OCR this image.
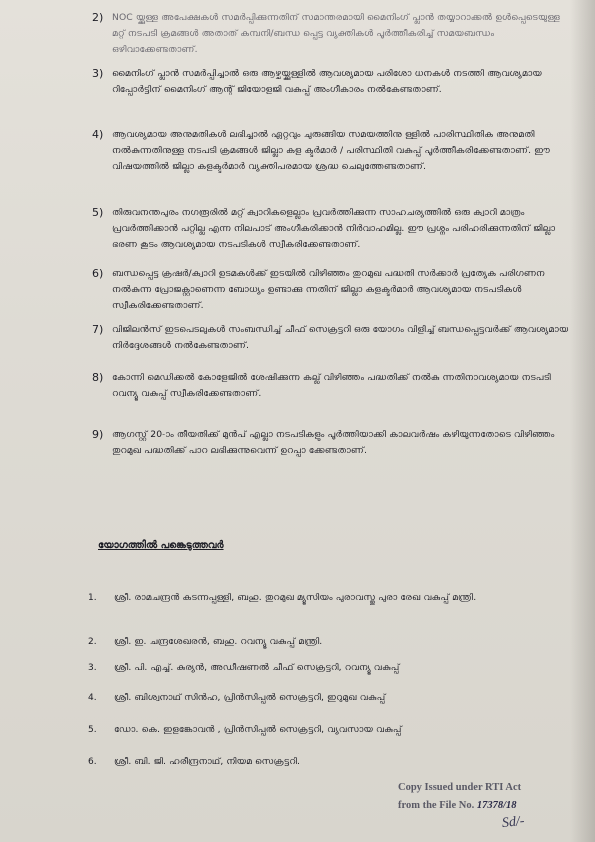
2) NOC യ്ക്കുള്ള അപേക്ഷകൾ സമർപ്പിക്കുന്നതിന് സമാന്തരമായി മൈനിംഗ് പ്ലാൻ തയ്യാറാക്കൽ ഉൾപ്പെടെയുള്ള മറ്റ് നടപടി ക്രമങ്ങൾ അതാത് കമ്പനി/ബന്ധ പ്പെട്ട വ്യക്തികൾ പൂർത്തീകരിച്ച് സമയബന്ധം ഒഴിവാക്കേണ്ടതാണ്.
3) മൈനിംഗ് പ്ലാൻ സമർപ്പിച്ചാൽ ഒരു ആഴ്ചയ്ക്കുള്ളിൽ ആവശ്യമായ പരിശോ ധനകൾ നടത്തി ആവശ്യമായ റിപ്പോർട്ടിന് മൈനിംഗ് ആന്റ് ജിയോളജി വകുപ്പ് അംഗീകാരം നൽകേണ്ടതാണ്.
4) ആവശ്യമായ അനുമതികൾ ലഭിച്ചാൽ ഏറ്റവും ചുരുങ്ങിയ സമയത്തിനു ള്ളിൽ പാരിസ്ഥിതിക അനുമതി നൽകുന്നതിനുള്ള നടപടി ക്രമങ്ങൾ ജില്ലാ കള ക്ടർമാർ / പരിസ്ഥിതി വകുപ്പ് പൂർത്തീകരിക്കേണ്ടതാണ്. ഈ വിഷയത്തിൽ ജില്ലാ കളക്ടർമാർ വ്യക്തിപരമായ ശ്രദ്ധ ചെലുത്തേണ്ടതാണ്.
5) തിരുവനന്തപുരം നഗരൂരിൽ മറ്റ് ക്വാറികളെല്ലാം പ്രവർത്തിക്കുന്ന സാഹചര്യത്തിൽ ഒരു ക്വാറി മാത്രം പ്രവർത്തിക്കാൻ പറ്റില്ല എന്ന നിലപാട് അംഗീകരിക്കാൻ നിർവാഹമില്ല. ഈ പ്രശ്നം പരിഹരിക്കുന്നതിന് ജില്ലാ ഭരണ കൂടം ആവശ്യമായ നടപടികൾ സ്വീകരിക്കേണ്ടതാണ്.
6) ബന്ധപ്പെട്ട ക്രഷർ/ക്വാറി ഉടമകൾക്ക് ഇടയിൽ വിഴിഞ്ഞം തുറമുഖ പദ്ധതി സർക്കാർ പ്രത്യേക പരിഗണന നൽകുന്ന പ്രോജക്റ്റാണെന്ന ബോധ്യം ഉണ്ടാക്കു ന്നതിന് ജില്ലാ കളക്ടർമാർ ആവശ്യമായ നടപടികൾ സ്വീകരിക്കേണ്ടതാണ്.
7) വിജിലൻസ് ഇടപെടലുകൾ സംബന്ധിച്ച് ചീഫ് സെക്രട്ടറി ഒരു യോഗം വിളിച്ച് ബന്ധപ്പെട്ടവർക്ക് ആവശ്യമായ നിർദ്ദേശങ്ങൾ നൽകേണ്ടതാണ്.
8) കോന്നി മെഡിക്കൽ കോളേജിൽ ശേഷിക്കുന്ന കല്ല് വിഴിഞ്ഞം പദ്ധതിക്ക് നൽകു ന്നതിനാവശ്യമായ നടപടി റവന്യൂ വകുപ്പ് സ്വീകരിക്കേണ്ടതാണ്.
9) ആഗസ്റ്റ് 20-ാം തീയതിക്ക് മുൻപ് എല്ലാ നടപടികളും പൂർത്തിയാക്കി കാലവർഷം കഴിയുന്നതോടെ വിഴിഞ്ഞം തുറമുഖ പദ്ധതിക്ക് പാറ ലഭിക്കുന്നുവെന്ന് ഉറപ്പാ ക്കേണ്ടതാണ്.
യോഗത്തിൽ പങ്കെടുത്തവർ
1.	ശ്രീ. രാമചന്ദ്രൻ കടന്നപ്പള്ളി, ബഹു. തുറമുഖ മ്യൂസിയം പുരാവസ്തു പുരാ രേഖ വകുപ്പ് മന്ത്രി.
2.	ശ്രീ. ഇ. ചന്ദ്രശേഖരൻ, ബഹു. റവന്യൂ വകുപ്പ് മന്ത്രി.
3.	ശ്രീ. പി. എച്ച്. കുര്യൻ, അഡീഷണൽ ചീഫ് സെക്രട്ടറി, റവന്യൂ വകുപ്പ്
4.	ശ്രീ. ബിശ്വനാഥ് സിൻഹ, പ്രിൻസിപ്പൽ സെക്രട്ടറി, ഇറുമുഖ വകുപ്പ്
5.	ഡോ. കെ. ഇളങ്കോവൻ , പ്രിൻസിപ്പൽ സെക്രട്ടറി, വ്യവസായ വകുപ്പ്
6.	ശ്രീ. ബി. ജി. ഹരീന്ദ്രനാഥ്, നിയമ സെക്രട്ടറി.
Copy Issued under RTI Act
from the File No. 17378/18
Sd/-
